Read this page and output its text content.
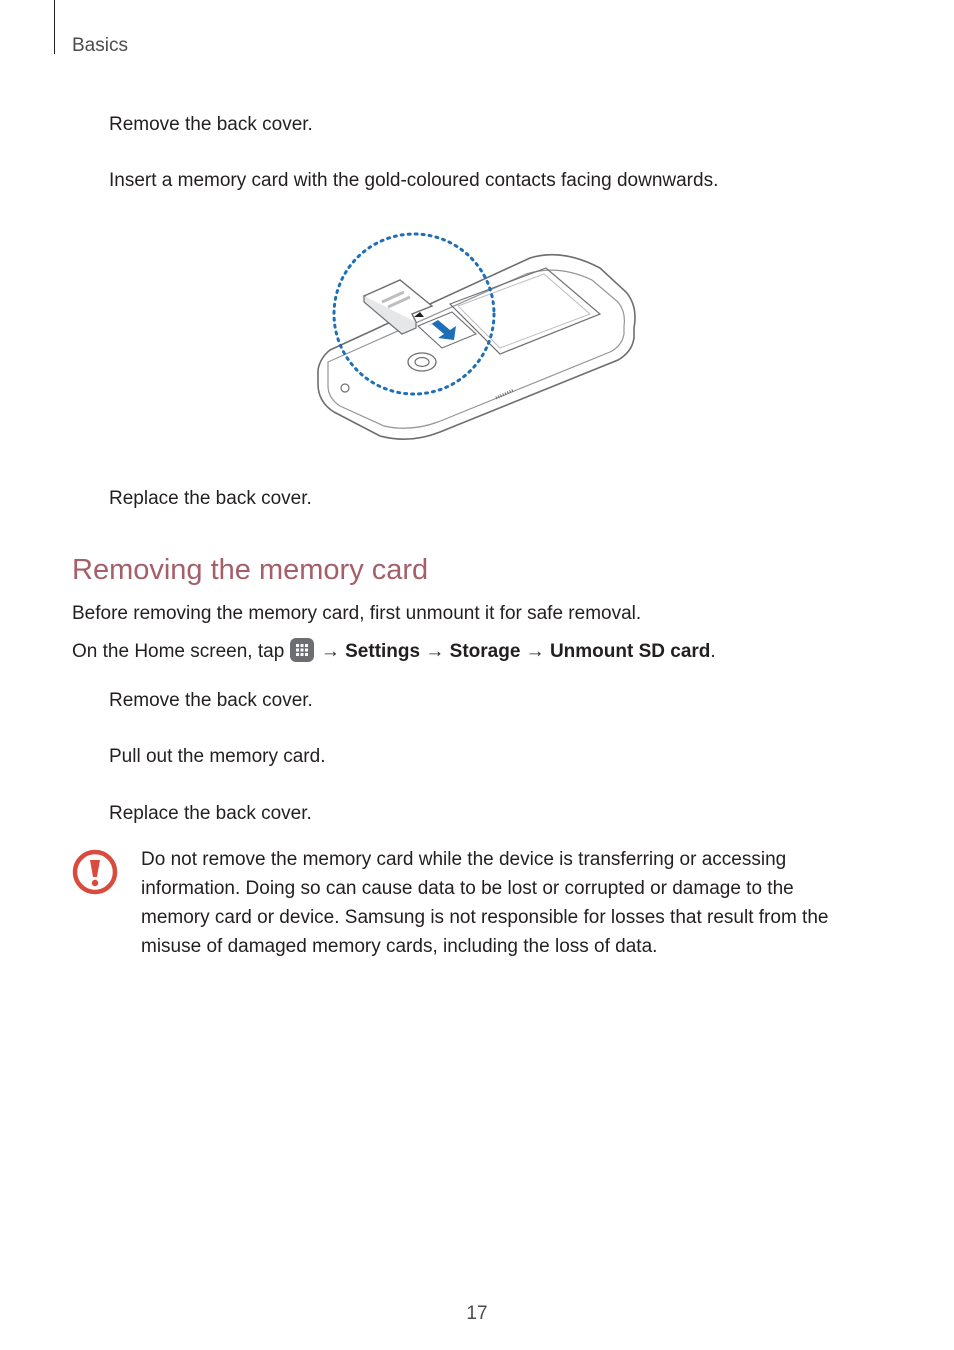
Basics
Remove the back cover.
Insert a memory card with the gold-coloured contacts facing downwards.
Replace the back cover.
Removing the memory card
Before removing the memory card, first unmount it for safe removal.
On the Home screen, tap → Settings → Storage → Unmount SD card.
Remove the back cover.
Pull out the memory card.
Replace the back cover.
Do not remove the memory card while the device is transferring or accessing information. Doing so can cause data to be lost or corrupted or damage to the memory card or device. Samsung is not responsible for losses that result from the misuse of damaged memory cards, including the loss of data.
17
